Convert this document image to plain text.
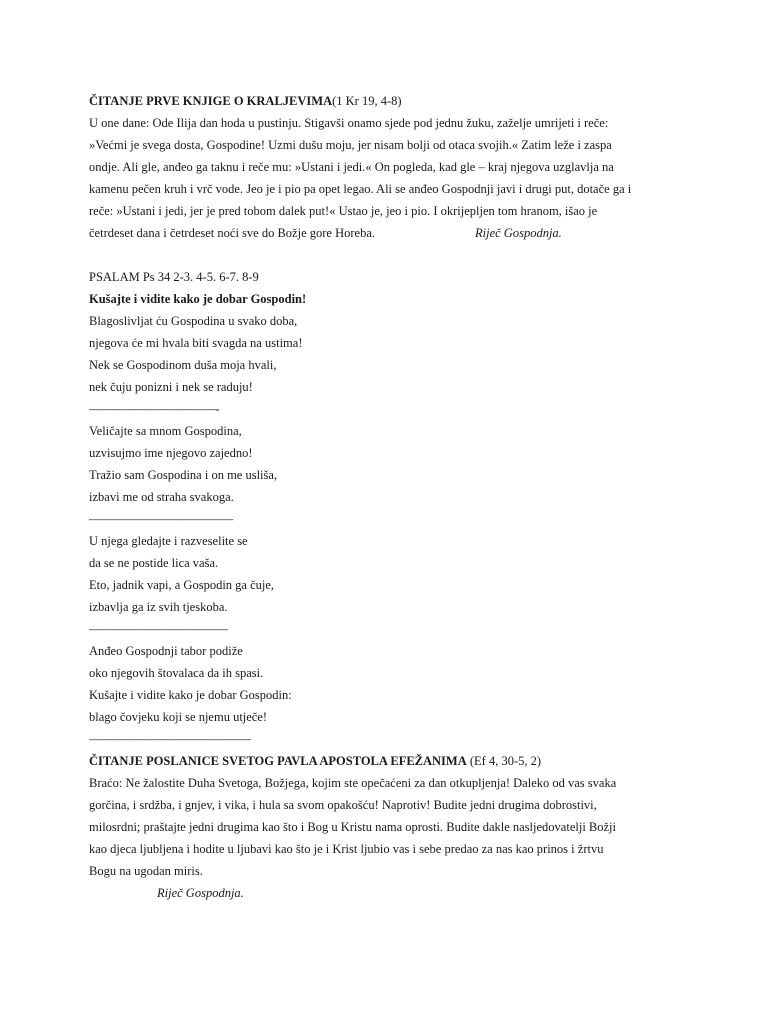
ČITANJE PRVE KNJIGE O KRALJEVIMA(1 Kr 19, 4-8)
U one dane: Ode Ilija dan hoda u pustinju. Stigavši onamo sjede pod jednu žuku, zaželje umrijeti i reče:
»Većmi je svega dosta, Gospodine! Uzmi dušu moju, jer nisam bolji od otaca svojih.« Zatim leže i zaspa
ondje. Ali gle, anđeo ga taknu i reče mu: »Ustani i jedi.« On pogleda, kad gle – kraj njegova uzglavlja na
kamenu pečen kruh i vrč vode. Jeo je i pio pa opet legao. Ali se anđeo Gospodnji javi i drugi put, dotače ga i
reče: »Ustani i jedi, jer je pred tobom dalek put!« Ustao je, jeo i pio. I okrijepljen tom hranom, išao je
četrdeset dana i četrdeset noći sve do Božje gore Horeba.	Riječ Gospodnja.
PSALAM Ps 34 2-3. 4-5. 6-7. 8-9
Kušajte i vidite kako je dobar Gospodin!
Blagoslivljat ću Gospodina u svako doba,
njegova će mi hvala biti svagda na ustima!
Nek se Gospodinom duša moja hvali,
nek čuju ponizni i nek se raduju!
———————————-
Veličajte sa mnom Gospodina,
uzvisujmo ime njegovo zajedno!
Tražio sam Gospodina i on me usliša,
izbavi me od straha svakoga.
————————————–
U njega gledajte i razveselite se
da se ne postide lica vaša.
Eto, jadnik vapi, a Gospodin ga čuje,
izbavlja ga iz svih tjeskoba.
————————————
Anđeo Gospodnji tabor podiže
oko njegovih štovalaca da ih spasi.
Kušajte i vidite kako je dobar Gospodin:
blago čovjeku koji se njemu utječe!
——————————————
ČITANJE POSLANICE SVETOG PAVLA APOSTOLA EFEŽANIMA (Ef 4, 30-5, 2)
Braćo: Ne žalostite Duha Svetoga, Božjega, kojim ste opečaćeni za dan otkupljenja! Daleko od vas svaka
gorčina, i srdžba, i gnjev, i vika, i hula sa svom opakošću! Naprotiv! Budite jedni drugima dobrostivi,
milosrdni; praštajte jedni drugima kao što i Bog u Kristu nama oprosti. Budite dakle nasljedovatelji Božji
kao djeca ljubljena i hodite u ljubavi kao što je i Krist ljubio vas i sebe predao za nas kao prinos i žrtvu
Bogu na ugodan miris.
Riječ Gospodnja.
